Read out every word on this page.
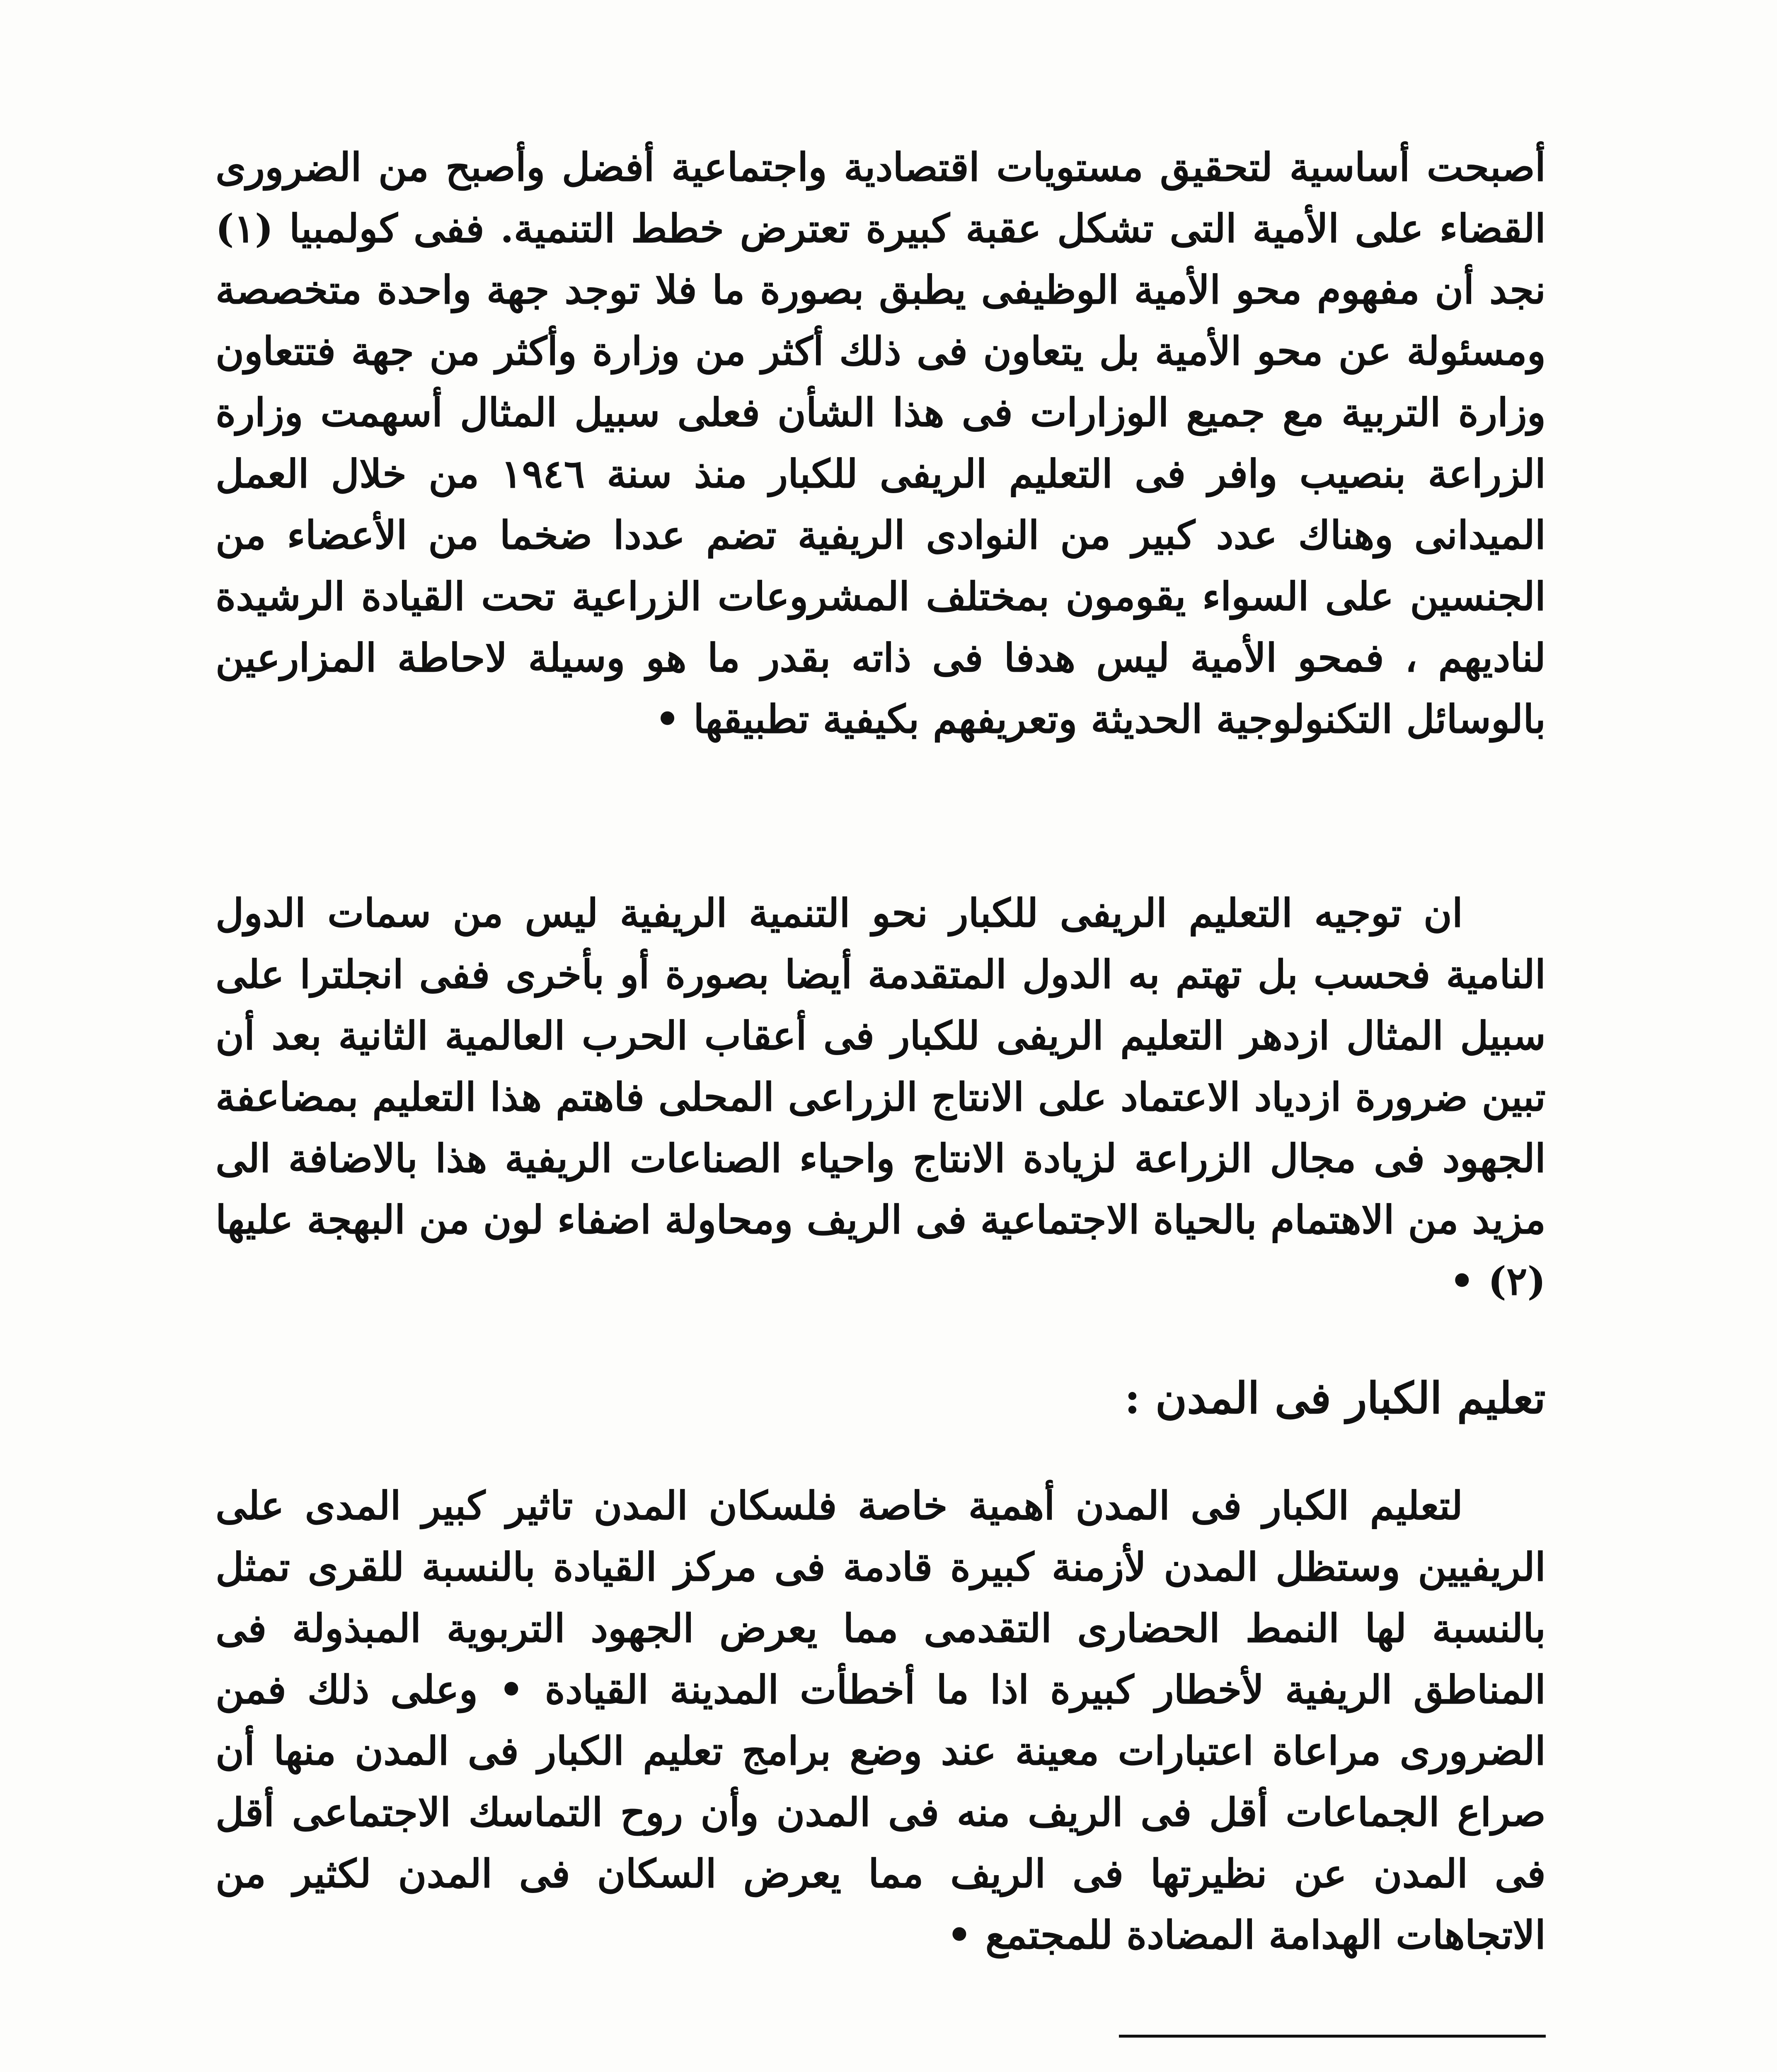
أصبحت أساسية لتحقيق مستويات اقتصادية واجتماعية أفضل وأصبح من الضرورى القضاء على الأمية التى تشكل عقبة كبيرة تعترض خطط التنمية. ففى كولمبيا (١) نجد أن مفهوم محو الأمية الوظيفى يطبق بصورة ما فلا توجد جهة واحدة متخصصة ومسئولة عن محو الأمية بل يتعاون فى ذلك أكثر من وزارة وأكثر من جهة فتتعاون وزارة التربية مع جميع الوزارات فى هذا الشأن فعلى سبيل المثال أسهمت وزارة الزراعة بنصيب وافر فى التعليم الريفى للكبار منذ سنة ١٩٤٦ من خلال العمل الميدانى وهناك عدد كبير من النوادى الريفية تضم عددا ضخما من الأعضاء من الجنسين على السواء يقومون بمختلف المشروعات الزراعية تحت القيادة الرشيدة لناديهم ، فمحو الأمية ليس هدفا فى ذاته بقدر ما هو وسيلة لاحاطة المزارعين بالوسائل التكنولوجية الحديثة وتعريفهم بكيفية تطبيقها •

ان توجيه التعليم الريفى للكبار نحو التنمية الريفية ليس من سمات الدول النامية فحسب بل تهتم به الدول المتقدمة أيضا بصورة أو بأخرى ففى انجلترا على سبيل المثال ازدهر التعليم الريفى للكبار فى أعقاب الحرب العالمية الثانية بعد أن تبين ضرورة ازدياد الاعتماد على الانتاج الزراعى المحلى فاهتم هذا التعليم بمضاعفة الجهود فى مجال الزراعة لزيادة الانتاج واحياء الصناعات الريفية هذا بالاضافة الى مزيد من الاهتمام بالحياة الاجتماعية فى الريف ومحاولة اضفاء لون من البهجة عليها (٢) •

تعليم الكبار فى المدن :

لتعليم الكبار فى المدن أهمية خاصة فلسكان المدن تاثير كبير المدى على الريفيين وستظل المدن لأزمنة كبيرة قادمة فى مركز القيادة بالنسبة للقرى تمثل بالنسبة لها النمط الحضارى التقدمى مما يعرض الجهود التربوية المبذولة فى المناطق الريفية لأخطار كبيرة اذا ما أخطأت المدينة القيادة • وعلى ذلك فمن الضرورى مراعاة اعتبارات معينة عند وضع برامج تعليم الكبار فى المدن منها أن صراع الجماعات أقل فى الريف منه فى المدن وأن روح التماسك الاجتماعى أقل فى المدن عن نظيرتها فى الريف مما يعرض السكان فى المدن لكثير من الاتجاهات الهدامة المضادة للمجتمع •
